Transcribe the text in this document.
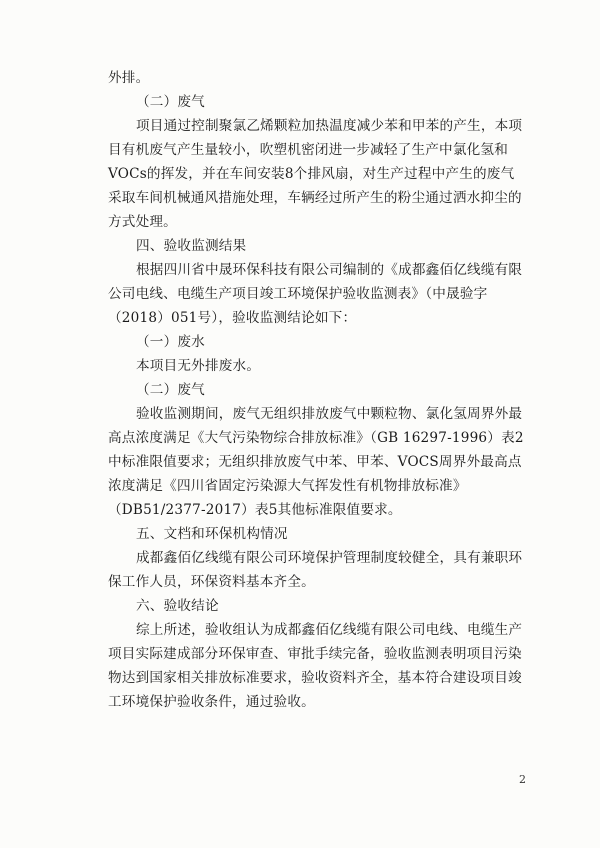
外排。

（二）废气

项目通过控制聚氯乙烯颗粒加热温度减少苯和甲苯的产生，本项目有机废气产生量较小，吹塑机密闭进一步减轻了生产中氯化氢和VOCs的挥发，并在车间安装8个排风扇，对生产过程中产生的废气采取车间机械通风措施处理，车辆经过所产生的粉尘通过洒水抑尘的方式处理。

四、验收监测结果

根据四川省中晟环保科技有限公司编制的《成都鑫佰亿线缆有限公司电线、电缆生产项目竣工环境保护验收监测表》（中晟验字（2018）051号），验收监测结论如下：

（一）废水

本项目无外排废水。

（二）废气

验收监测期间，废气无组织排放废气中颗粒物、氯化氢周界外最高点浓度满足《大气污染物综合排放标准》（GB 16297-1996）表2中标准限值要求；无组织排放废气中苯、甲苯、VOCS周界外最高点浓度满足《四川省固定污染源大气挥发性有机物排放标准》（DB51/2377-2017）表5其他标准限值要求。

五、文档和环保机构情况

成都鑫佰亿线缆有限公司环境保护管理制度较健全，具有兼职环保工作人员，环保资料基本齐全。

六、验收结论

综上所述，验收组认为成都鑫佰亿线缆有限公司电线、电缆生产项目实际建成部分环保审查、审批手续完备，验收监测表明项目污染物达到国家相关排放标准要求，验收资料齐全，基本符合建设项目竣工环境保护验收条件，通过验收。

2
